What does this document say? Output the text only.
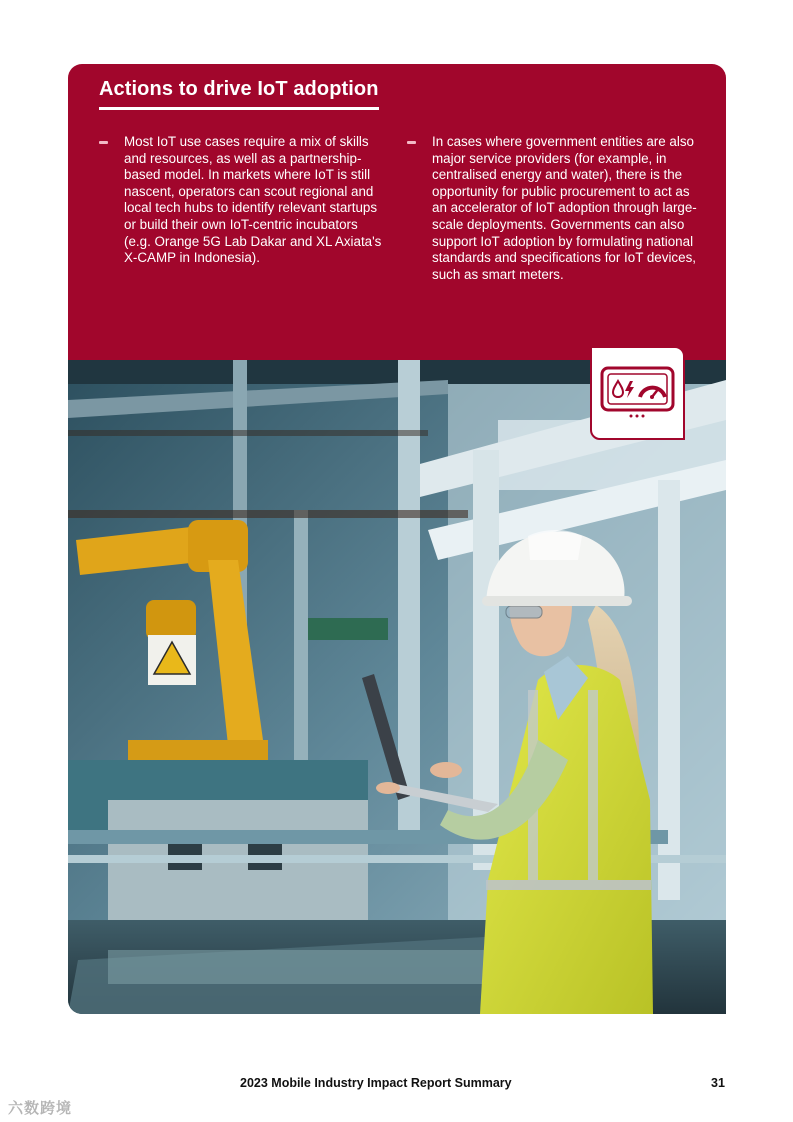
Actions to drive IoT adoption

Most IoT use cases require a mix of skills and resources, as well as a partnership-based model. In markets where IoT is still nascent, operators can scout regional and local tech hubs to identify relevant startups or build their own IoT-centric incubators (e.g. Orange 5G Lab Dakar and XL Axiata's X-CAMP in Indonesia).

In cases where government entities are also major service providers (for example, in centralised energy and water), there is the opportunity for public procurement to act as an accelerator of IoT adoption through large-scale deployments. Governments can also support IoT adoption by formulating national standards and specifications for IoT devices, such as smart meters.

2023 Mobile Industry Impact Report Summary	31
六数跨境
